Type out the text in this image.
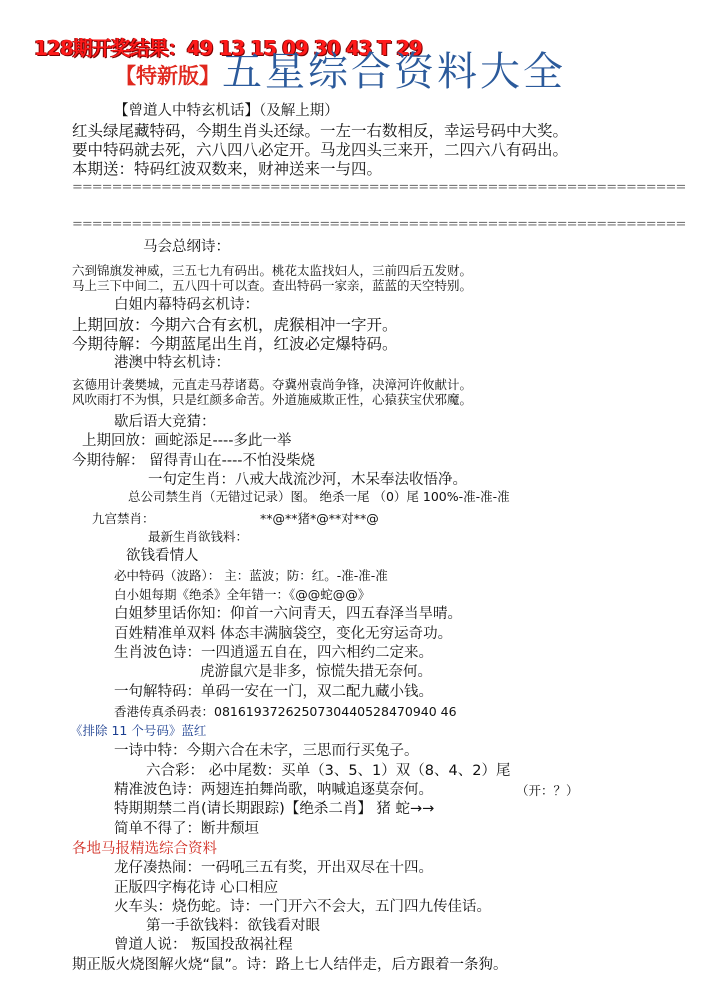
128期开奖结果：49 13 15 09 30 43 T 29
【特新版】 五星综合资料大全
【曾道人中特玄机话】（及解上期）
红头绿尾藏特码，今期生肖头还绿。一左一右数相反，幸运号码中大奖。
要中特码就去死，六八四八必定开。马龙四头三来开，二四六八有码出。
本期送：特码红波双数来，财神送来一与四。
==============================================================
==============================================================
马会总纲诗：
六到锦旗发神威，三五七九有码出。桃花太监找妇人，三前四后五发财。
马上三下中间二，五八四十可以查。查出特码一家亲，蓝蓝的天空特别。
白姐内幕特码玄机诗：
上期回放：今期六合有玄机，虎猴相冲一字开。
今期待解：今期蓝尾出生肖，红波必定爆特码。
港澳中特玄机诗：
玄德用计袭樊城，元直走马荐诸葛。夺冀州袁尚争锋，决漳河许攸献计。
风吹雨打不为惧，只是红颜多命苦。外道施威欺正性，心猿获宝伏邪魔。
歇后语大竞猜：
上期回放：画蛇添足----多此一举
今期待解： 留得青山在----不怕没柴烧
一句定生肖：八戒大战流沙河，木呆奉法收悟净。
总公司禁生肖（无错过记录）图。 绝杀一尾 （0）尾 100%-准-准-准
九宫禁肖：	**@**猪*@**对**@
最新生肖欲钱料：
欲钱看情人
必中特码（波路）： 主：蓝波；防：红。-准-准-准
白小姐每期《绝杀》全年错一：《@@蛇@@》
白姐梦里话你知：仰首一六问青天，四五春泽当旱晴。
百姓精准单双料 体态丰满脑袋空，变化无穷运奇功。
生肖波色诗：一四逍遥五自在，四六相约二定来。
虎游鼠穴是非多，惊慌失措无奈何。
一句解特码：单码一安在一门，双二配九藏小钱。
香港传真杀码表：0816193726250730440528470940 46
《排除 11 个号码》蓝红
一诗中特：今期六合在未字，三思而行买兔子。
六合彩： 必中尾数：买单（3、5、1）双（8、4、2）尾
精准波色诗：两翅连拍舞尚歌，呐喊追逐莫奈何。	（开：？）
特期期禁二肖(请长期跟踪)【绝杀二肖】 猪 蛇→→
简单不得了：断井颓垣
各地马报精选综合资料
龙仔凑热闹：一码吼三五有奖，开出双尽在十四。
正版四字梅花诗 心口相应
火车头：烧伤蛇。诗：一门开六不会大，五门四九传佳话。
第一手欲钱料：欲钱看对眼
曾道人说： 叛国投敌祸社程
期正版火烧图解火烧“鼠”。诗：路上七人结伴走，后方跟着一条狗。
